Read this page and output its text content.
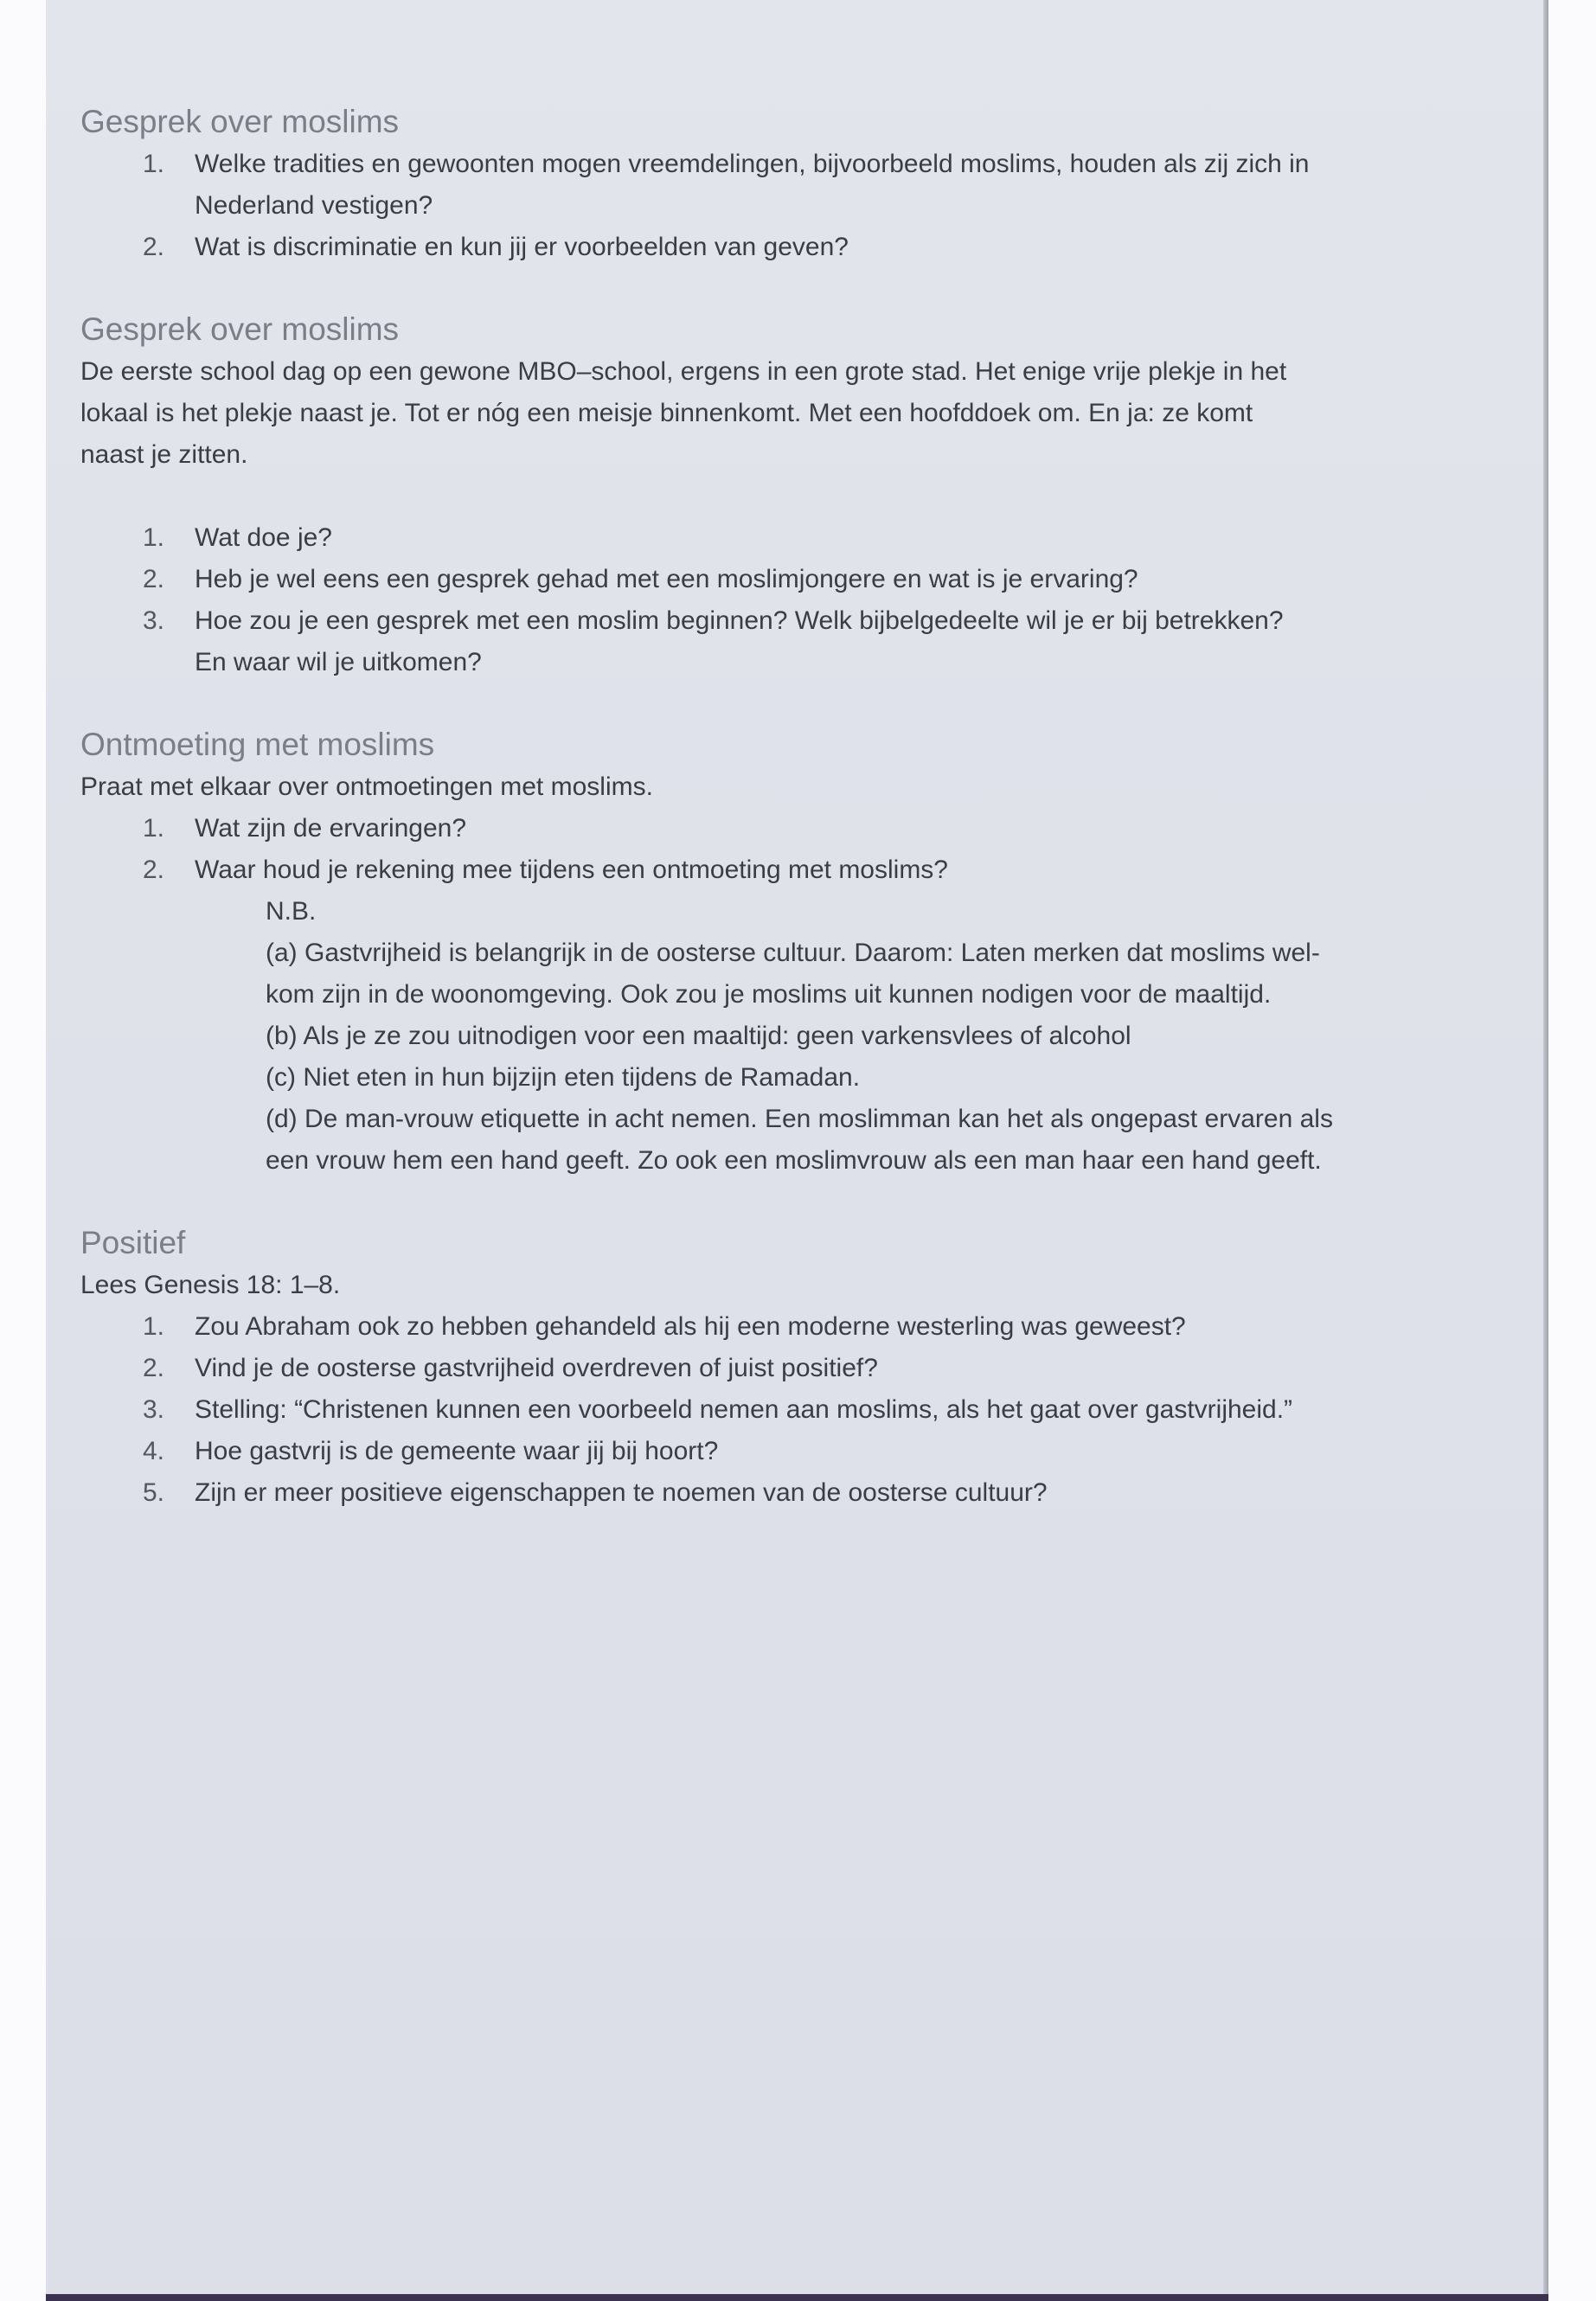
Gesprek over moslims
1. Welke tradities en gewoonten mogen vreemdelingen, bijvoorbeeld moslims, houden als zij zich in
Nederland vestigen?
2. Wat is discriminatie en kun jij er voorbeelden van geven?
Gesprek over moslims
De eerste school dag op een gewone MBO–school, ergens in een grote stad. Het enige vrije plekje in het
lokaal is het plekje naast je. Tot er nóg een meisje binnenkomt. Met een hoofddoek om. En ja: ze komt
naast je zitten.
1. Wat doe je?
2. Heb je wel eens een gesprek gehad met een moslimjongere en wat is je ervaring?
3. Hoe zou je een gesprek met een moslim beginnen? Welk bijbelgedeelte wil je er bij betrekken?
En waar wil je uitkomen?
Ontmoeting met moslims
Praat met elkaar over ontmoetingen met moslims.
1. Wat zijn de ervaringen?
2. Waar houd je rekening mee tijdens een ontmoeting met moslims?
N.B.
(a) Gastvrijheid is belangrijk in de oosterse cultuur. Daarom: Laten merken dat moslims wel-
kom zijn in de woonomgeving. Ook zou je moslims uit kunnen nodigen voor de maaltijd.
(b) Als je ze zou uitnodigen voor een maaltijd: geen varkensvlees of alcohol
(c) Niet eten in hun bijzijn eten tijdens de Ramadan.
(d) De man-vrouw etiquette in acht nemen. Een moslimman kan het als ongepast ervaren als
een vrouw hem een hand geeft. Zo ook een moslimvrouw als een man haar een hand geeft.
Positief
Lees Genesis 18: 1–8.
1. Zou Abraham ook zo hebben gehandeld als hij een moderne westerling was geweest?
2. Vind je de oosterse gastvrijheid overdreven of juist positief?
3. Stelling: “Christenen kunnen een voorbeeld nemen aan moslims, als het gaat over gastvrijheid.”
4. Hoe gastvrij is de gemeente waar jij bij hoort?
5. Zijn er meer positieve eigenschappen te noemen van de oosterse cultuur?
